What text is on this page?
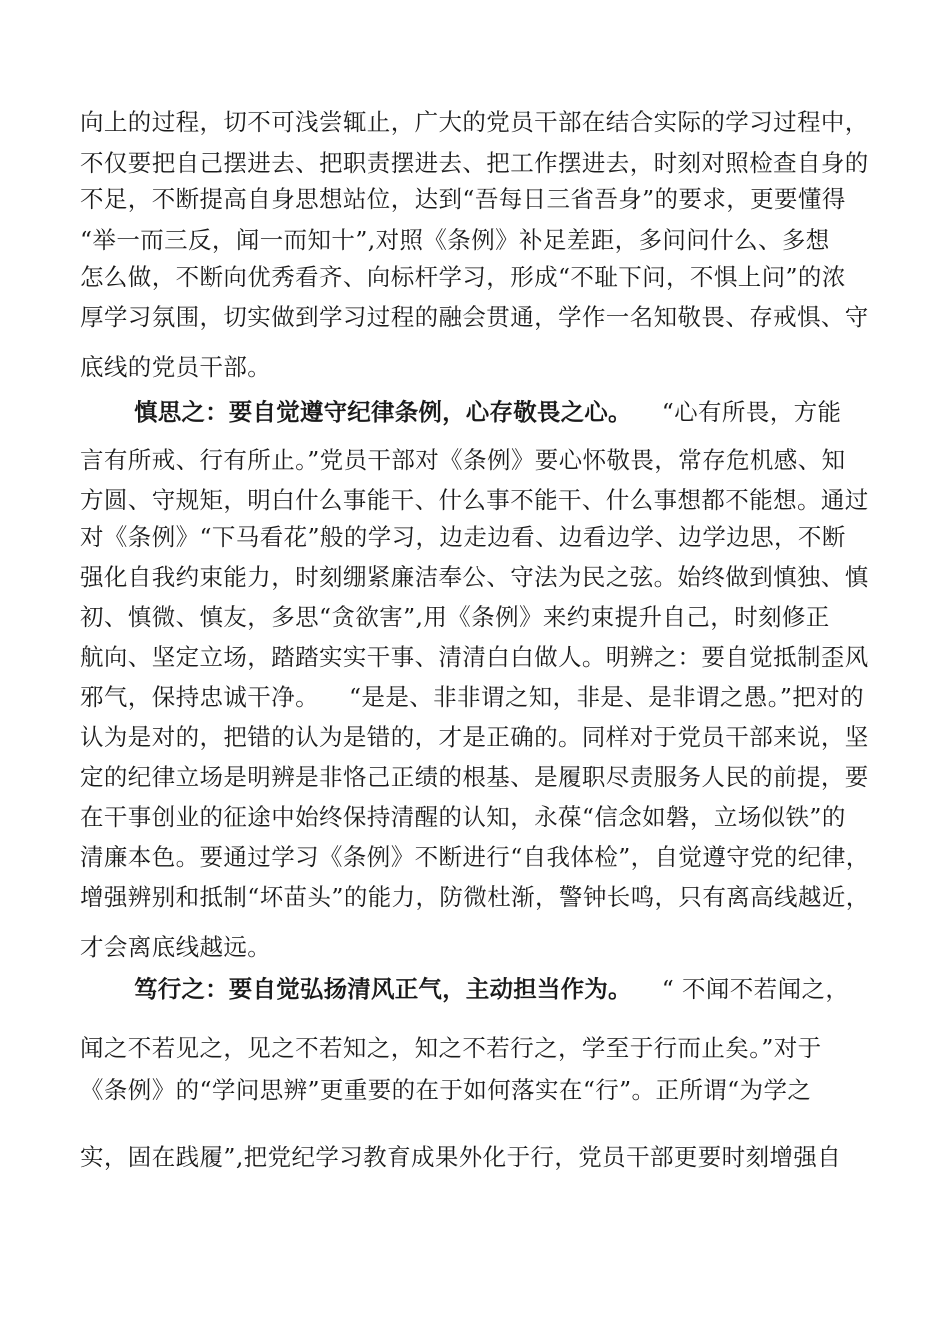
向上的过程，切不可浅尝辄止，广大的党员干部在结合实际的学习过程中，
不仅要把自己摆进去、把职责摆进去、把工作摆进去，时刻对照检查自身的
不足，不断提高自身思想站位，达到“吾每日三省吾身”的要求，更要懂得
“举一而三反，闻一而知十”,对照《条例》补足差距，多问问什么、多想
怎么做，不断向优秀看齐、向标杆学习，形成“不耻下问，不惧上问”的浓
厚学习氛围，切实做到学习过程的融会贯通，学作一名知敬畏、存戒惧、守
底线的党员干部。
慎思之：要自觉遵守纪律条例，心存敬畏之心。 “心有所畏，方能
言有所戒、行有所止。”党员干部对《条例》要心怀敬畏，常存危机感、知
方圆、守规矩，明白什么事能干、什么事不能干、什么事想都不能想。通过
对《条例》“下马看花”般的学习，边走边看、边看边学、边学边思，不断
强化自我约束能力，时刻绷紧廉洁奉公、守法为民之弦。始终做到慎独、慎
初、慎微、慎友，多思“贪欲害”,用《条例》来约束提升自己，时刻修正
航向、坚定立场，踏踏实实干事、清清白白做人。明辨之：要自觉抵制歪风
邪气，保持忠诚干净。 “是是、非非谓之知，非是、是非谓之愚。”把对的
认为是对的，把错的认为是错的，才是正确的。同样对于党员干部来说，坚
定的纪律立场是明辨是非恪己正绩的根基、是履职尽责服务人民的前提，要
在干事创业的征途中始终保持清醒的认知，永葆“信念如磐，立场似铁”的
清廉本色。要通过学习《条例》不断进行“自我体检”，自觉遵守党的纪律，
增强辨别和抵制“坏苗头”的能力，防微杜渐，警钟长鸣，只有离高线越近，
才会离底线越远。
笃行之：要自觉弘扬清风正气，主动担当作为。 “ 不闻不若闻之，
闻之不若见之，见之不若知之，知之不若行之，学至于行而止矣。”对于
《条例》的“学问思辨”更重要的在于如何落实在“行”。正所谓“为学之
实，固在践履”,把党纪学习教育成果外化于行，党员干部更要时刻增强自
